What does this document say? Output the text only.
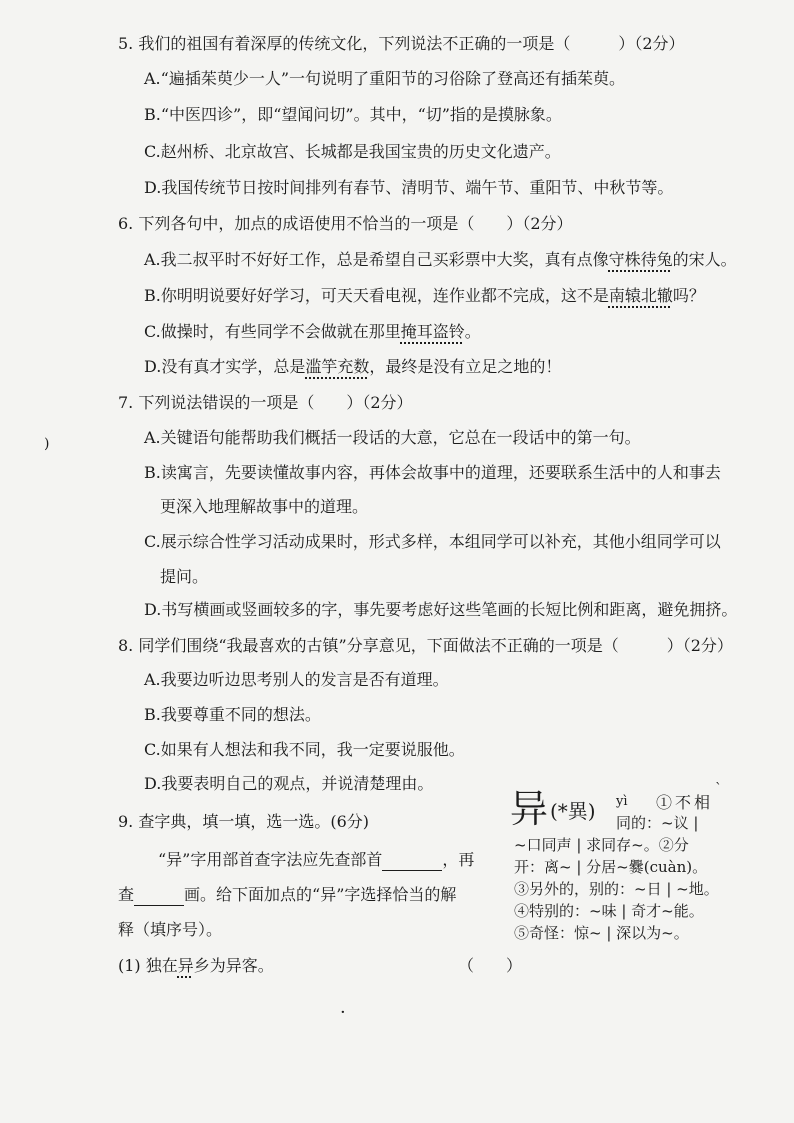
5. 我们的祖国有着深厚的传统文化，下列说法不正确的一项是（　　　）（2分）
A.“遍插茱萸少一人”一句说明了重阳节的习俗除了登高还有插茱萸。
B.“中医四诊”，即“望闻问切”。其中，“切”指的是摸脉象。
C.赵州桥、北京故宫、长城都是我国宝贵的历史文化遗产。
D.我国传统节日按时间排列有春节、清明节、端午节、重阳节、中秋节等。
6. 下列各句中，加点的成语使用不恰当的一项是（　　）（2分）
A.我二叔平时不好好工作，总是希望自己买彩票中大奖，真有点像守株待兔的宋人。
B.你明明说要好好学习，可天天看电视，连作业都不完成，这不是南辕北辙吗？
C.做操时，有些同学不会做就在那里掩耳盗铃。
D.没有真才实学，总是滥竽充数，最终是没有立足之地的！
7. 下列说法错误的一项是（　　）（2分）
)	A.关键语句能帮助我们概括一段话的大意，它总在一段话中的第一句。
B.读寓言，先要读懂故事内容，再体会故事中的道理，还要联系生活中的人和事去
更深入地理解故事中的道理。
C.展示综合性学习活动成果时，形式多样，本组同学可以补充，其他小组同学可以
提问。
D.书写横画或竖画较多的字，事先要考虑好这些笔画的长短比例和距离，避免拥挤。
8. 同学们围绕“我最喜欢的古镇”分享意见，下面做法不正确的一项是（　　　）（2分）
A.我要边听边思考别人的发言是否有道理。
B.我要尊重不同的想法。
C.如果有人想法和我不同，我一定要说服他。
D.我要表明自己的观点，并说清楚理由。
9. 查字典，填一填，选一选。(6分)
“异”字用部首查字法应先查部首	，再
查	画。给下面加点的“异”字选择恰当的解
释（填序号）。
(1) 独在异乡为异客。	（　　）
ˋ
异 (*異) yì ①不相
同的：~议 |
~口同声 | 求同存~。②分
开：离~ | 分居~爨(cuàn)。
③另外的，别的：~日 | ~地。
④特别的：~味 | 奇才~能。
⑤奇怪：惊~ | 深以为~。
·
